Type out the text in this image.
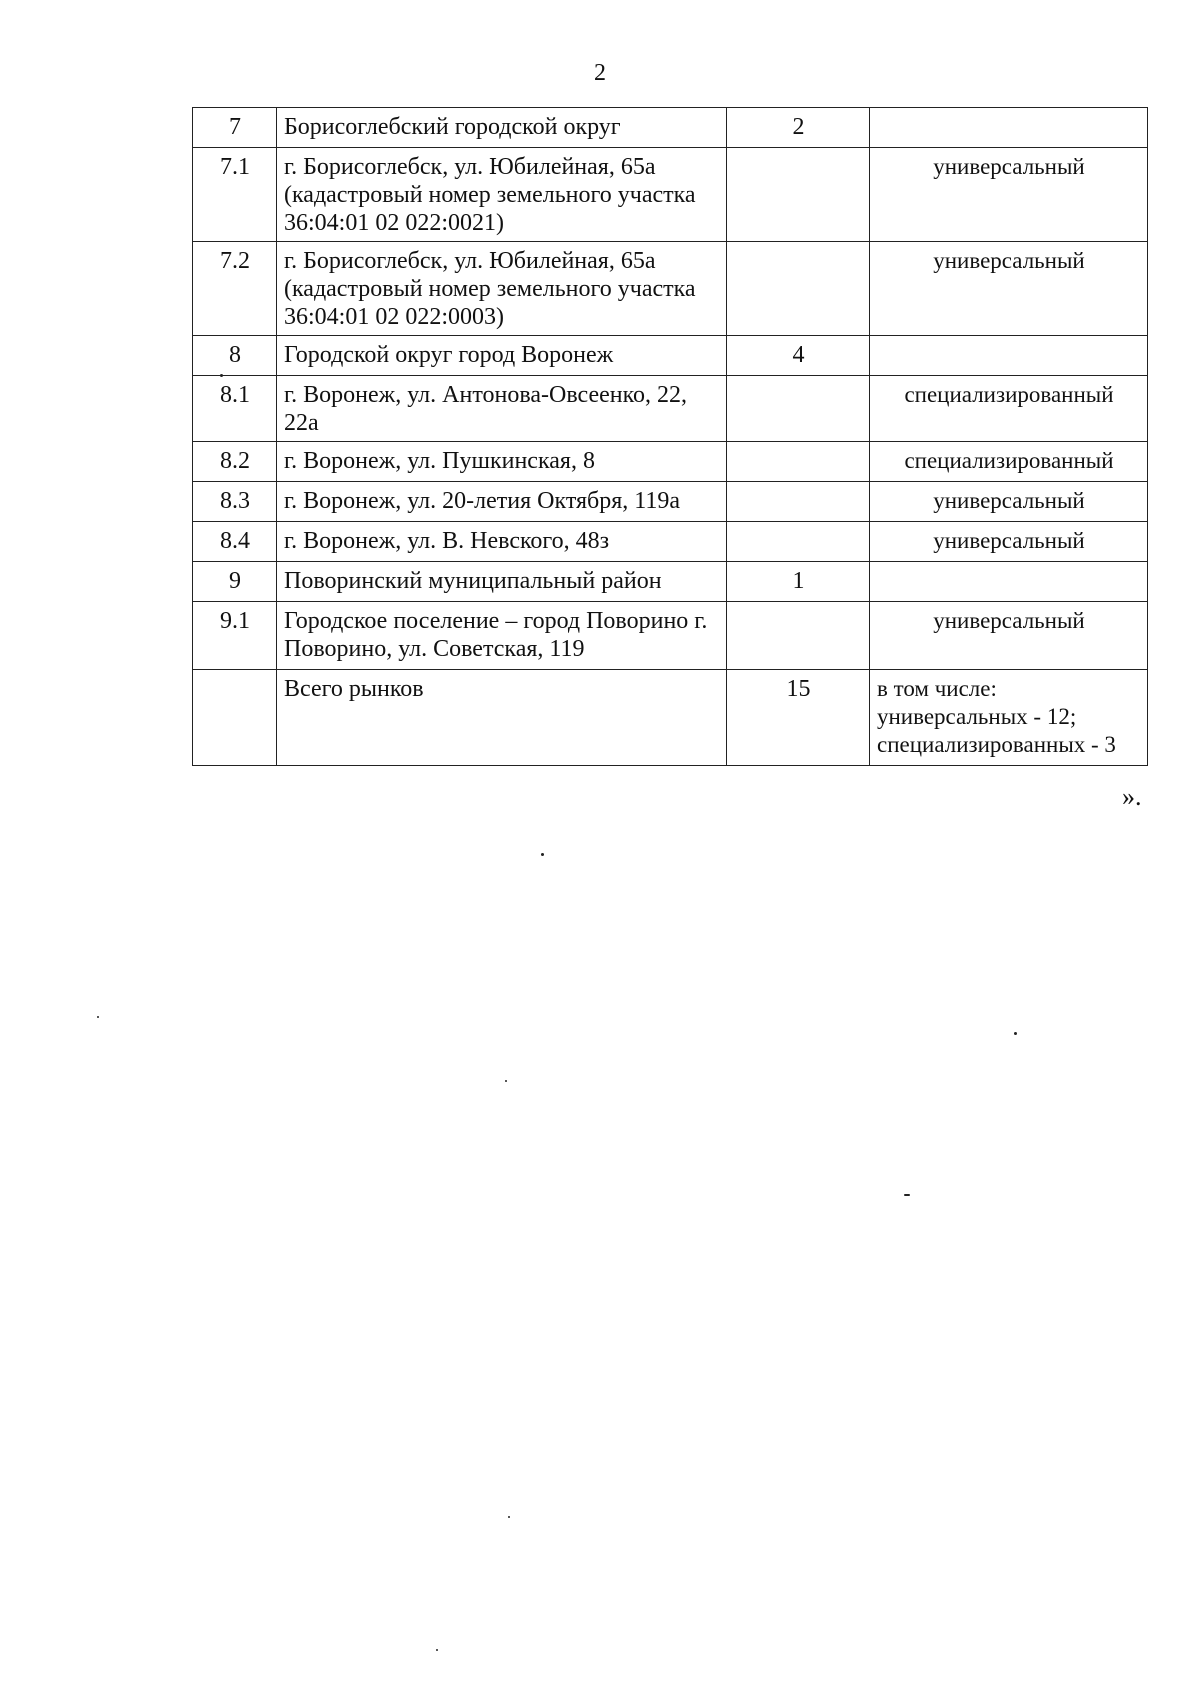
2
7	Борисоглебский городской округ	2	
7.1	г. Борисоглебск, ул. Юбилейная, 65а (кадастровый номер земельного участка 36:04:01 02 022:0021)		универсальный
7.2	г. Борисоглебск, ул. Юбилейная, 65а (кадастровый номер земельного участка 36:04:01 02 022:0003)		универсальный
8	Городской округ город Воронеж	4	
8.1	г. Воронеж, ул. Антонова-Овсеенко, 22, 22а		специализированный
8.2	г. Воронеж, ул. Пушкинская, 8		специализированный
8.3	г. Воронеж, ул. 20-летия Октября, 119а		универсальный
8.4	г. Воронеж, ул. В. Невского, 48з		универсальный
9	Поворинский муниципальный район	1	
9.1	Городское поселение – город Поворино г. Поворино, ул. Советская, 119		универсальный
	Всего рынков	15	в том числе:
универсальных - 12;
специализированных - 3
».
